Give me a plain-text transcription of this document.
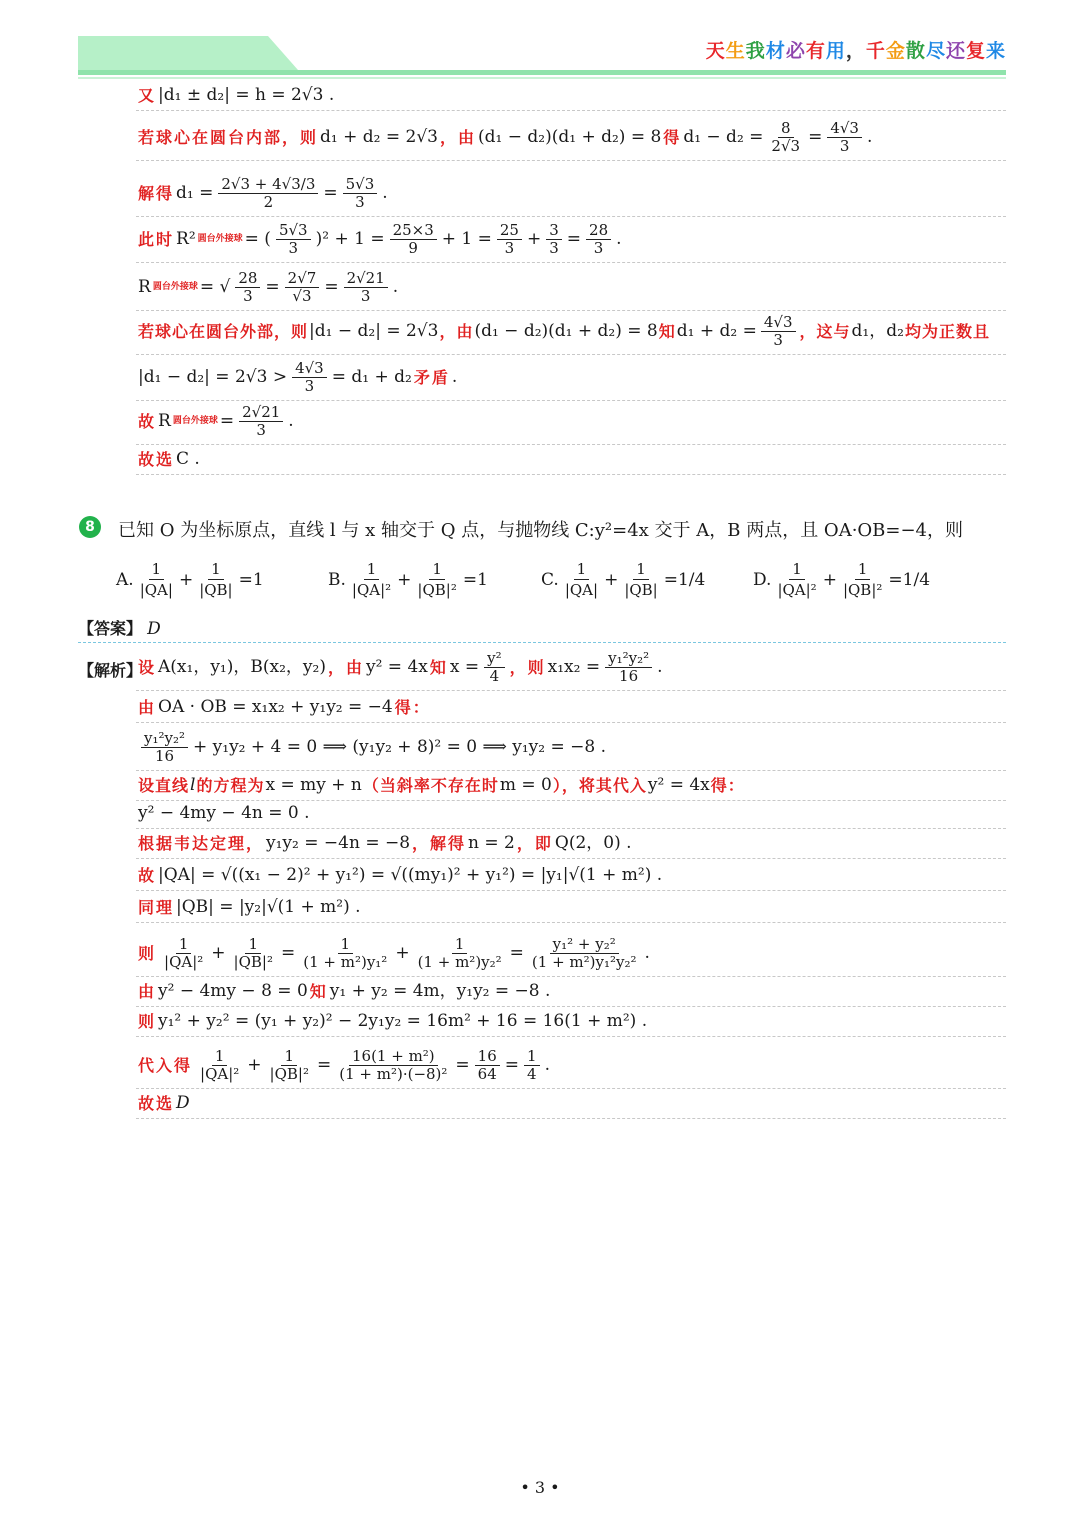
天生我材必有用，千金散尽还复来
又 |d₁ ± d₂| = h = 2√3 .
若球心在圆台内部，则 d₁ + d₂ = 2√3 ，由 (d₁ − d₂)(d₁ + d₂) = 8 得 $d_1 - d_2 = \frac{8}{2√3} = \frac{4√3}{3}$ .
解得 $d_1 = \frac{2√3 + 4√3/3}{2} = \frac{5√3}{3}$ .
此时 R² 圆台外接球 = ( $\frac{5√3}{3} )^2 + 1 = \frac{25\times 3}{9} + 1 = \frac{25}{3} + \frac{3}{3} = \frac{28}{3}$ .
R 圆台外接球 = √ $\frac{28}{3} = \frac{2√7}{√3} = \frac{2√21}{3}$ .
若球心在圆台外部，则 |d₁ − d₂| = 2√3 ，由 (d₁ − d₂)(d₁ + d₂) = 8 知 $d_1 + d_2 = \frac{4√3}{3}$ ，这与 d₁，d₂ 均为正数且
$|d_1 - d_2| = 2√3 > \frac{4√3}{3} = d_1 + d_2$ 矛盾 .
故 R 圆台外接球 = $\frac{2√21}{3}$ .
故选 C .
8	已知 O 为坐标原点，直线 l 与 x 轴交于 Q 点，与抛物线 C:y²=4x 交于 A，B 两点，且 OA·OB=−4，则
A. $\frac{1}{|QA|} + \frac{1}{|QB|} =1$	B. $\frac{1}{\text{|QA|²}} + \frac{1}{\text{|QB|²}} =1$	C. $\frac{1}{|QA|} + \frac{1}{|QB|} =1/4$	D. $\frac{1}{\text{|QA|²}} + \frac{1}{\text{|QB|²}} =1/4$
【答案】 D
【解析】
设 A(x₁，y₁)，B(x₂，y₂) ，由 y² = 4x 知 $x = \frac{\text{y²}}{4}$ ，则 $x_1x_2 = \frac{\text{y₁²y₂²}}{16}$ .
由 OA · OB = x₁x₂ + y₁y₂ = −4 得：
$\frac{\text{y₁²y₂²}}{16} + y_1y_2 + 4 = 0$ ⟹ (y₁y₂ + 8)² = 0 ⟹ y₁y₂ = −8 .
设直线 l 的方程为 x = my + n （当斜率不存在时 m = 0 ），将其代入 y² = 4x 得：
y² − 4my − 4n = 0 .
根据韦达定理， y₁y₂ = −4n = −8 ，解得 n = 2 ，即 Q(2，0) .
故 |QA| = √((x₁ − 2)² + y₁²) = √((my₁)² + y₁²) = |y₁|√(1 + m²) .
同理 |QB| = |y₂|√(1 + m²) .
则 $\frac{1}{\text{|QA|²}} + \frac{1}{\text{|QB|²}} = \frac{1}{\text{(1 + m²)y₁²}} + \frac{1}{\text{(1 + m²)y₂²}} = \frac{\text{y₁² + y₂²}}{\text{(1 + m²)y₁²y₂²}}$ .
由 y² − 4my − 8 = 0 知 y₁ + y₂ = 4m，y₁y₂ = −8 .
则 y₁² + y₂² = (y₁ + y₂)² − 2y₁y₂ = 16m² + 16 = 16(1 + m²) .
代入得 $\frac{1}{\text{|QA|²}} + \frac{1}{\text{|QB|²}} = \frac{\text{16(1 + m²)}}{\text{(1 + m²)·(−8)²}} = \frac{16}{64} = \frac{1}{4}$ .
故选 D
• 3 •
